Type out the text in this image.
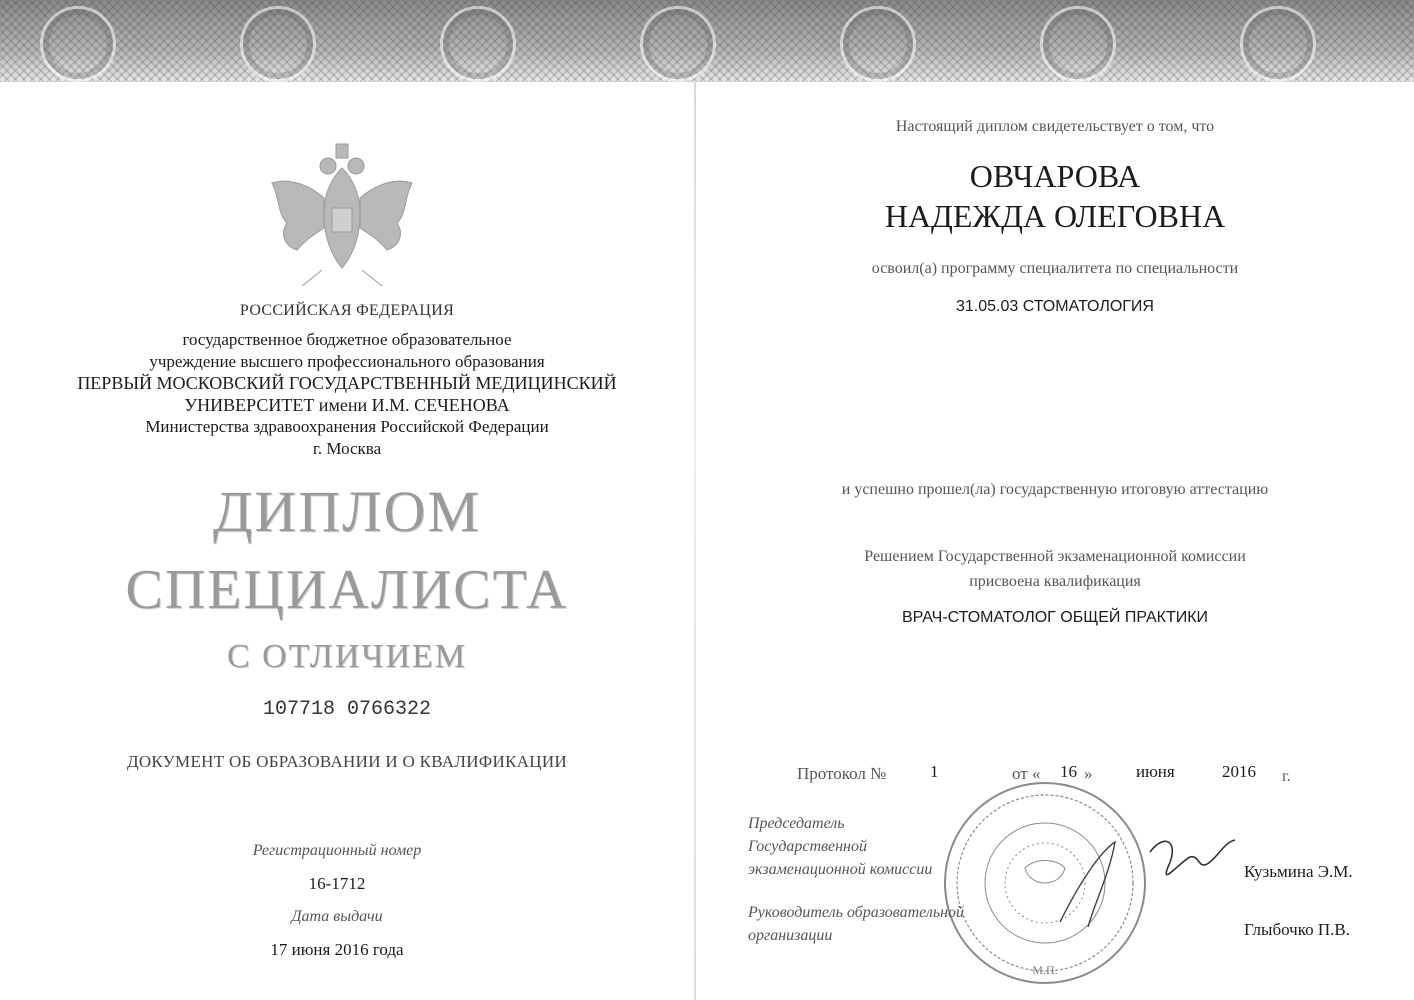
РОССИЙСКАЯ ФЕДЕРАЦИЯ
государственное бюджетное образовательное
учреждение высшего профессионального образования
ПЕРВЫЙ МОСКОВСКИЙ ГОСУДАРСТВЕННЫЙ МЕДИЦИНСКИЙ
УНИВЕРСИТЕТ имени И.М. СЕЧЕНОВА
Министерства здравоохранения Российской Федерации
г. Москва
ДИПЛОМ
СПЕЦИАЛИСТА
С ОТЛИЧИЕМ
107718 0766322
ДОКУМЕНТ ОБ ОБРАЗОВАНИИ И О КВАЛИФИКАЦИИ
Регистрационный номер
16-1712
Дата выдачи
17 июня 2016 года
Настоящий диплом свидетельствует о том, что
ОВЧАРОВА
НАДЕЖДА ОЛЕГОВНА
освоил(а) программу специалитета по специальности
31.05.03 СТОМАТОЛОГИЯ
и успешно прошел(ла) государственную итоговую аттестацию
Решением Государственной экзаменационной комиссии
присвоена квалификация
ВРАЧ-СТОМАТОЛОГ ОБЩЕЙ ПРАКТИКИ
Протокол №	1	от « 16 »	июня	2016 г.
М.П.
Председатель
Государственной
экзаменационной комиссии
Руководитель образовательной
организации
Кузьмина Э.М.
Глыбочко П.В.
